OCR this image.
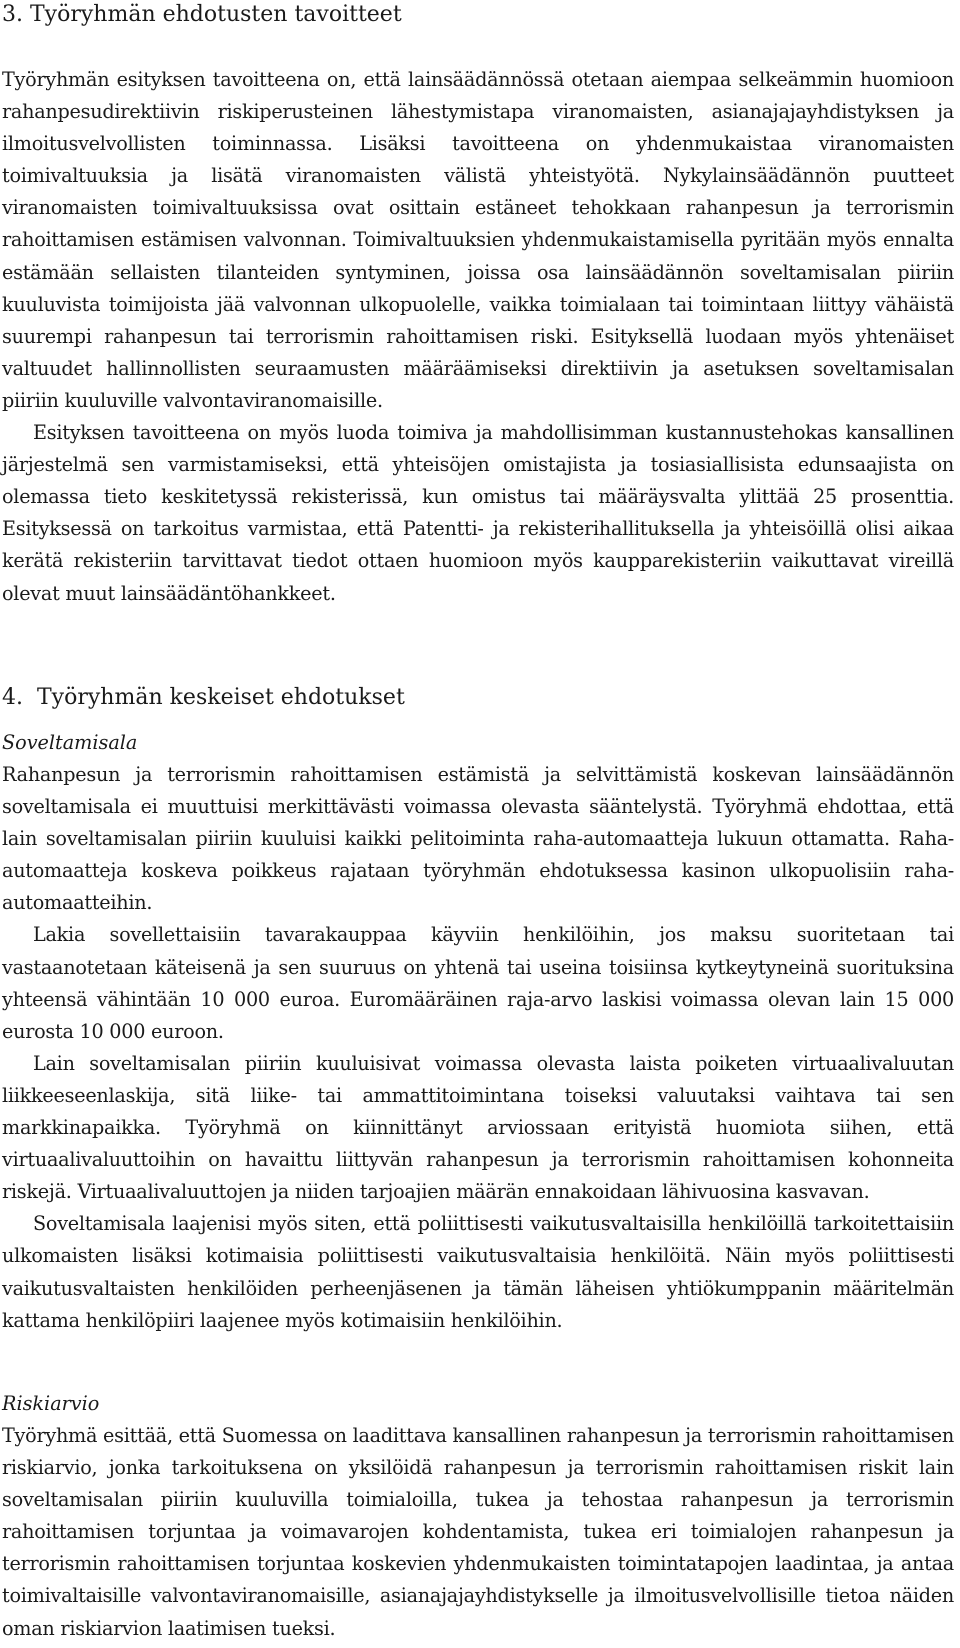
3. Työryhmän ehdotusten tavoitteet

Työryhmän esityksen tavoitteena on, että lainsäädännössä otetaan aiempaa selkeämmin huomioon rahanpesudirektiivin riskiperusteinen lähestymistapa viranomaisten, asianajajayhdistyksen ja ilmoitusvelvollisten toiminnassa. Lisäksi tavoitteena on yhdenmukaistaa viranomaisten toimivaltuuksia ja lisätä viranomaisten välistä yhteistyötä. Nykylainsäädännön puutteet viranomaisten toimivaltuuksissa ovat osittain estäneet tehokkaan rahanpesun ja terrorismin rahoittamisen estämisen valvonnan. Toimivaltuuksien yhdenmukaistamisella pyritään myös ennalta estämään sellaisten tilanteiden syntyminen, joissa osa lainsäädännön soveltamisalan piiriin kuuluvista toimijoista jää valvonnan ulkopuolelle, vaikka toimialaan tai toimintaan liittyy vähäistä suurempi rahanpesun tai terrorismin rahoittamisen riski. Esityksellä luodaan myös yhtenäiset valtuudet hallinnollisten seuraamusten määräämiseksi direktiivin ja asetuksen soveltamisalan piiriin kuuluville valvontaviranomaisille.

Esityksen tavoitteena on myös luoda toimiva ja mahdollisimman kustannustehokas kansallinen järjestelmä sen varmistamiseksi, että yhteisöjen omistajista ja tosiasiallisista edunsaajista on olemassa tieto keskitetyssä rekisterissä, kun omistus tai määräysvalta ylittää 25 prosenttia. Esityksessä on tarkoitus varmistaa, että Patentti- ja rekisterihallituksella ja yhteisöillä olisi aikaa kerätä rekisteriin tarvittavat tiedot ottaen huomioon myös kaupparekisteriin vaikuttavat vireillä olevat muut lainsäädäntöhankkeet.

4. Työryhmän keskeiset ehdotukset
Soveltamisala

Rahanpesun ja terrorismin rahoittamisen estämistä ja selvittämistä koskevan lainsäädännön soveltamisala ei muuttuisi merkittävästi voimassa olevasta sääntelystä. Työryhmä ehdottaa, että lain soveltamisalan piiriin kuuluisi kaikki pelitoiminta raha-automaatteja lukuun ottamatta. Raha-automaatteja koskeva poikkeus rajataan työryhmän ehdotuksessa kasinon ulkopuolisiin raha-automaatteihin.

Lakia sovellettaisiin tavarakauppaa käyviin henkilöihin, jos maksu suoritetaan tai vastaanotetaan käteisenä ja sen suuruus on yhtenä tai useina toisiinsa kytkeytyneinä suorituksina yhteensä vähintään 10 000 euroa. Euromääräinen raja-arvo laskisi voimassa olevan lain 15 000 eurosta 10 000 euroon.

Lain soveltamisalan piiriin kuuluisivat voimassa olevasta laista poiketen virtuaalivaluutan liikkeeseenlaskija, sitä liike- tai ammattitoimintana toiseksi valuutaksi vaihtava tai sen markkinapaikka. Työryhmä on kiinnittänyt arviossaan erityistä huomiota siihen, että virtuaalivaluuttoihin on havaittu liittyvän rahanpesun ja terrorismin rahoittamisen kohonneita riskejä. Virtuaalivaluuttojen ja niiden tarjoajien määrän ennakoidaan lähivuosina kasvavan.

Soveltamisala laajenisi myös siten, että poliittisesti vaikutusvaltaisilla henkilöillä tarkoitettaisiin ulkomaisten lisäksi kotimaisia poliittisesti vaikutusvaltaisia henkilöitä. Näin myös poliittisesti vaikutusvaltaisten henkilöiden perheenjäsenen ja tämän läheisen yhtiökumppanin määritelmän kattama henkilöpiiri laajenee myös kotimaisiin henkilöihin.

Riskiarvio

Työryhmä esittää, että Suomessa on laadittava kansallinen rahanpesun ja terrorismin rahoittamisen riskiarvio, jonka tarkoituksena on yksilöidä rahanpesun ja terrorismin rahoittamisen riskit lain soveltamisalan piiriin kuuluvilla toimialoilla, tukea ja tehostaa rahanpesun ja terrorismin rahoittamisen torjuntaa ja voimavarojen kohdentamista, tukea eri toimialojen rahanpesun ja terrorismin rahoittamisen torjuntaa koskevien yhdenmukaisten toimintatapojen laadintaa, ja antaa toimivaltaisille valvontaviranomaisille, asianajajayhdistykselle ja ilmoitusvelvollisille tietoa näiden oman riskiarvion laatimisen tueksi.
